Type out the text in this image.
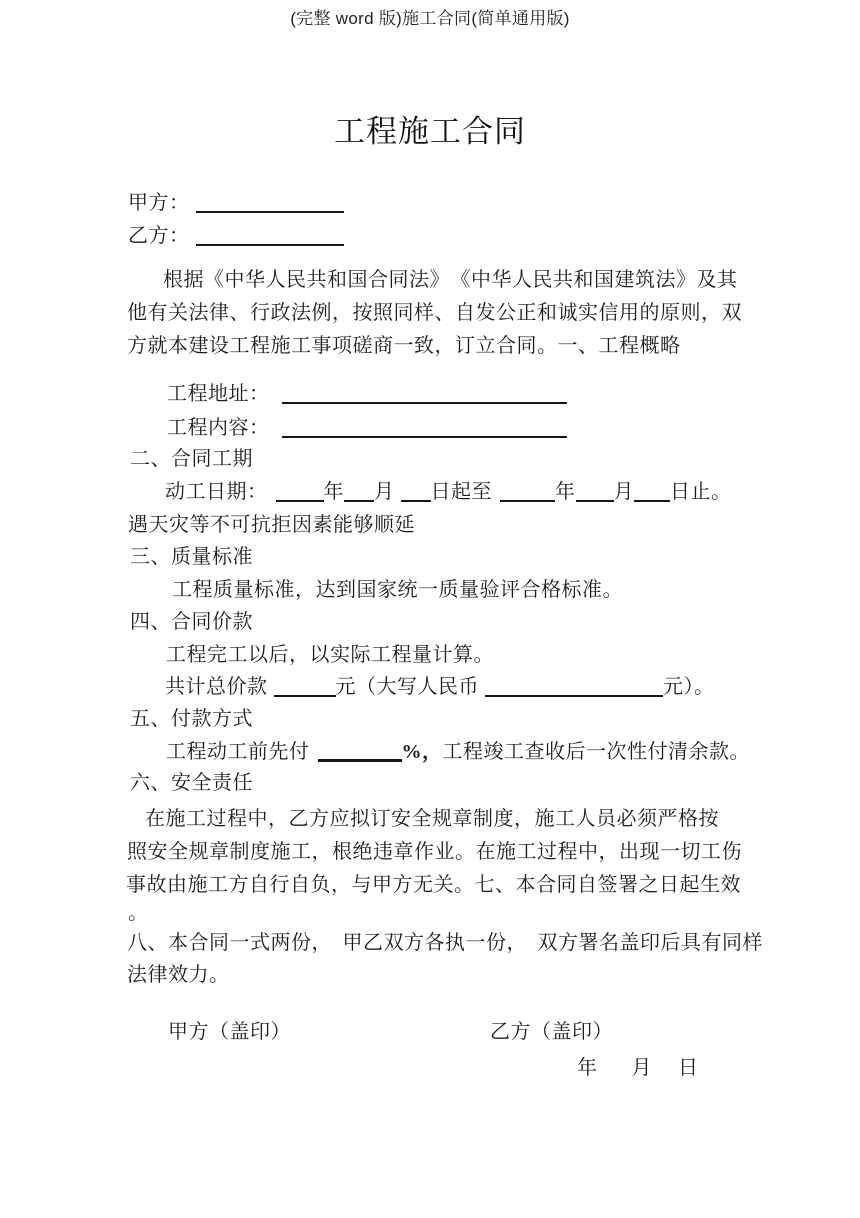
(完整 word 版)施工合同(简单通用版)
工程施工合同
甲方：
乙方：
根据《中华人民共和国合同法》　《中华人民共和国建筑法》及其
他有关法律、行政法例，按照同样、自发公正和诚实信用的原则，双
方就本建设工程施工事项磋商一致，订立合同。一、工程概略
工程地址：
工程内容：
二、合同工期
动工日期：	年 月 日起至	年 月 日止。
遇天灾等不可抗拒因素能够顺延
三、质量标准
工程质量标准，达到国家统一质量验评合格标准。
四、合同价款
工程完工以后，以实际工程量计算。
共计总价款	元（大写人民币	元）。
五、付款方式
工程动工前先付	%，工程竣工查收后一次性付清余款。
六、安全责任
在施工过程中，乙方应拟订安全规章制度，施工人员必须严格按
照安全规章制度施工，根绝违章作业。在施工过程中，出现一切工伤
事故由施工方自行自负，与甲方无关。七、本合同自签署之日起生效
。
八、本合同一式两份，　甲乙双方各执一份，　双方署名盖印后具有同样
法律效力。
甲方（盖印）	乙方（盖印）
年 月 日
